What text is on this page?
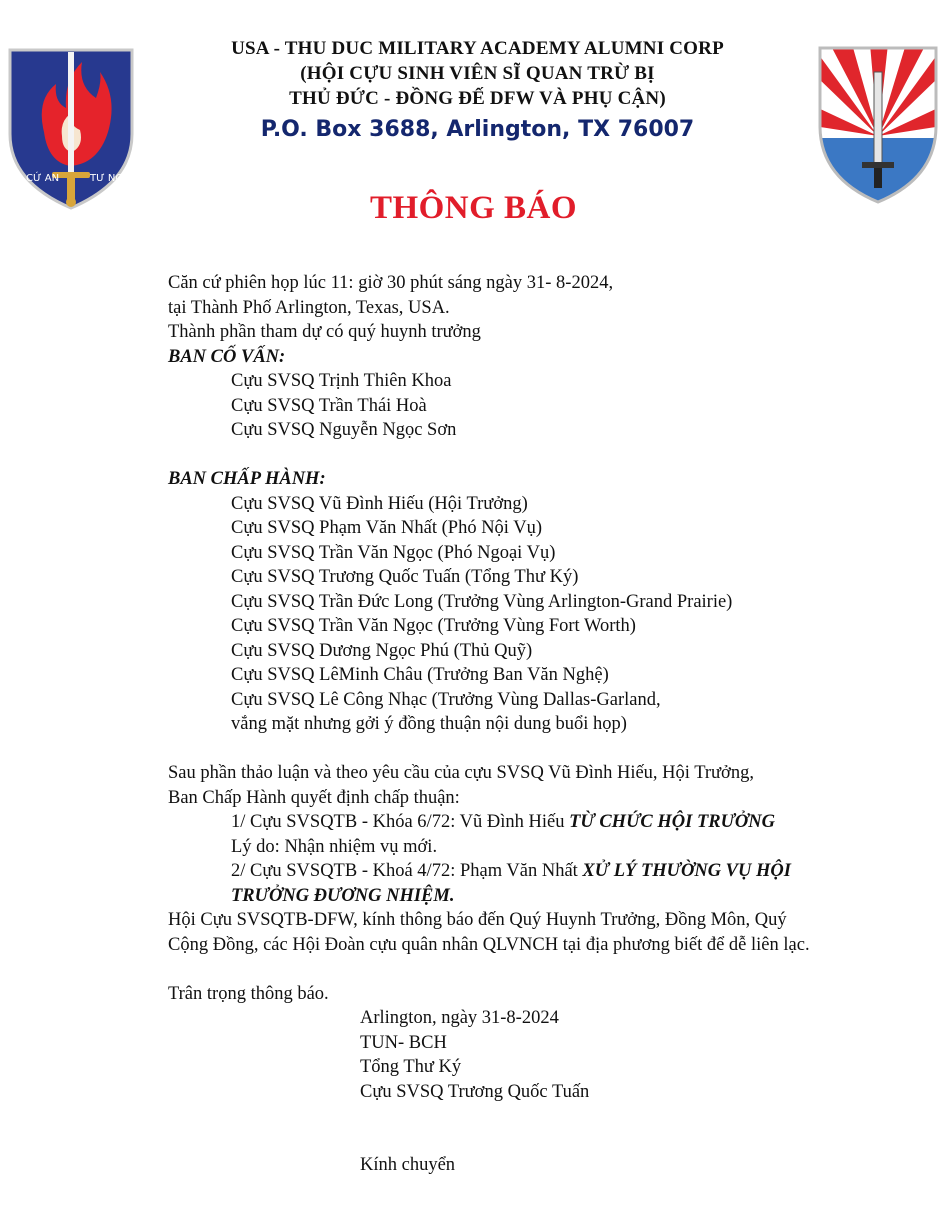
CỨ AN	TƯ NGUY
USA - THU DUC MILITARY ACADEMY ALUMNI CORP
(HỘI CỰU SINH VIÊN SĨ QUAN TRỪ BỊ
THỦ ĐỨC - ĐỒNG ĐẾ DFW VÀ PHỤ CẬN)
P.O. Box 3688, Arlington, TX 76007
THÔNG BÁO
Căn cứ phiên họp lúc 11: giờ 30 phút sáng ngày 31- 8-2024,
tại Thành Phố Arlington, Texas, USA.
Thành phần tham dự có quý huynh trưởng
BAN CỐ VẤN:
Cựu SVSQ Trịnh Thiên Khoa
Cựu SVSQ Trần Thái Hoà
Cựu SVSQ Nguyễn Ngọc Sơn
BAN CHẤP HÀNH:
Cựu SVSQ Vũ Đình Hiếu (Hội Trưởng)
Cựu SVSQ Phạm Văn Nhất (Phó Nội Vụ)
Cựu SVSQ Trần Văn Ngọc (Phó Ngoại Vụ)
Cựu SVSQ Trương Quốc Tuấn (Tổng Thư Ký)
Cựu SVSQ Trần Đức Long (Trưởng Vùng Arlington-Grand Prairie)
Cựu SVSQ Trần Văn Ngọc (Trưởng Vùng Fort Worth)
Cựu SVSQ Dương Ngọc Phú (Thủ Quỹ)
Cựu SVSQ LêMinh Châu (Trưởng Ban Văn Nghệ)
Cựu SVSQ Lê Công Nhạc (Trưởng Vùng Dallas-Garland,
vắng mặt nhưng gởi ý đồng thuận nội dung buổi họp)
Sau phần thảo luận và theo yêu cầu của cựu SVSQ Vũ Đình Hiếu, Hội Trưởng,
Ban Chấp Hành quyết định chấp thuận:
1/ Cựu SVSQTB - Khóa 6/72: Vũ Đình Hiếu TỪ CHỨC HỘI TRƯỞNG
Lý do: Nhận nhiệm vụ mới.
2/ Cựu SVSQTB - Khoá 4/72: Phạm Văn Nhất XỬ LÝ THƯỜNG VỤ HỘI
TRƯỞNG ĐƯƠNG NHIỆM.
Hội Cựu SVSQTB-DFW, kính thông báo đến Quý Huynh Trưởng, Đồng Môn, Quý
Cộng Đồng, các Hội Đoàn cựu quân nhân QLVNCH tại địa phương biết để dễ liên lạc.
Trân trọng thông báo.
Arlington, ngày 31-8-2024
TUN- BCH
Tổng Thư Ký
Cựu SVSQ Trương Quốc Tuấn
Kính chuyển
